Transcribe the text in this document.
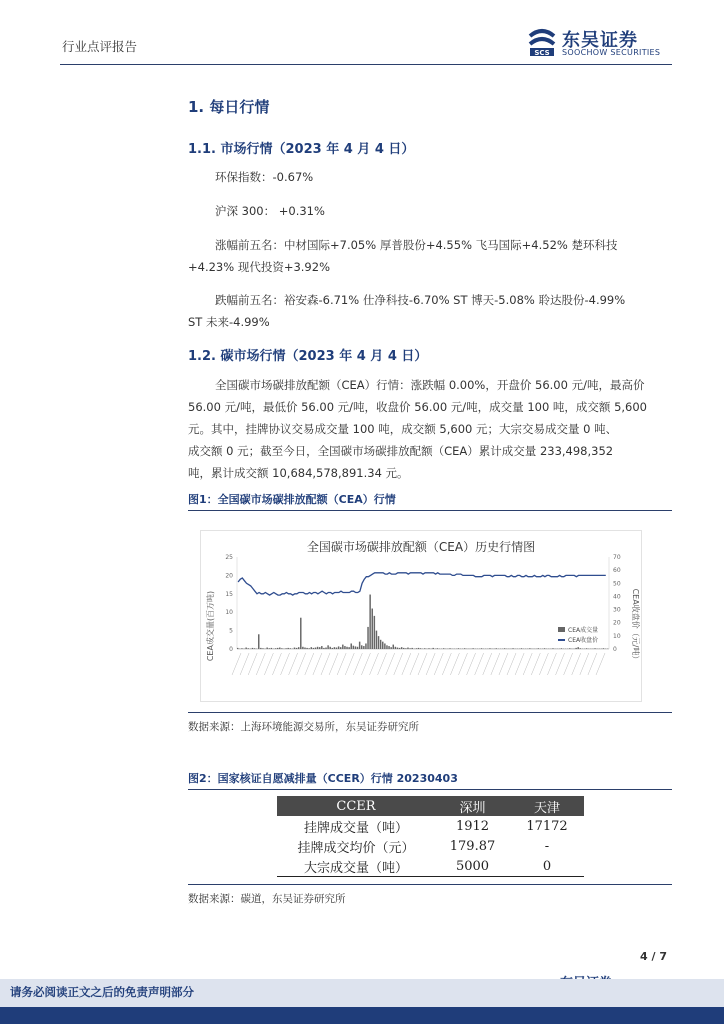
行业点评报告	SCS
东吴证券
SOOCHOW SECURITIES
1. 每日行情
1.1. 市场行情（2023 年 4 月 4 日）
环保指数：-0.67%
沪深 300： +0.31%
涨幅前五名：中材国际+7.05% 厚普股份+4.55% 飞马国际+4.52% 楚环科技
+4.23% 现代投资+3.92%
跌幅前五名：裕安森-6.71% 仕净科技-6.70% ST 博天-5.08% 聆达股份-4.99%
ST 未来-4.99%
1.2. 碳市场行情（2023 年 4 月 4 日）
全国碳市场碳排放配额（CEA）行情：涨跌幅 0.00%，开盘价 56.00 元/吨，最高价
56.00 元/吨，最低价 56.00 元/吨，收盘价 56.00 元/吨，成交量 100 吨，成交额 5,600
元。其中，挂牌协议交易成交量 100 吨，成交额 5,600 元；大宗交易成交量 0 吨、
成交额 0 元；截至今日，全国碳市场碳排放配额（CEA）累计成交量 233,498,352
吨，累计成交额 10,684,578,891.34 元。
图1：全国碳市场碳排放配额（CEA）行情
全国碳市场碳排放配额（CEA）历史行情图
CEA成交量(百万吨)	CEA收盘价（元/吨）
0
5
10
15
20
25
0
10
20
30
40
50
60
70
CEA成交量
CEA收盘价
数据来源：上海环境能源交易所，东吴证券研究所
图2：国家核证自愿减排量（CCER）行情 20230403
CCER	深圳	天津
挂牌成交量（吨）	1912	17172
挂牌成交均价（元）	179.87	-
大宗成交量（吨）	5000	0
数据来源：碳道，东吴证券研究所
4 / 7
请务必阅读正文之后的免责声明部分
